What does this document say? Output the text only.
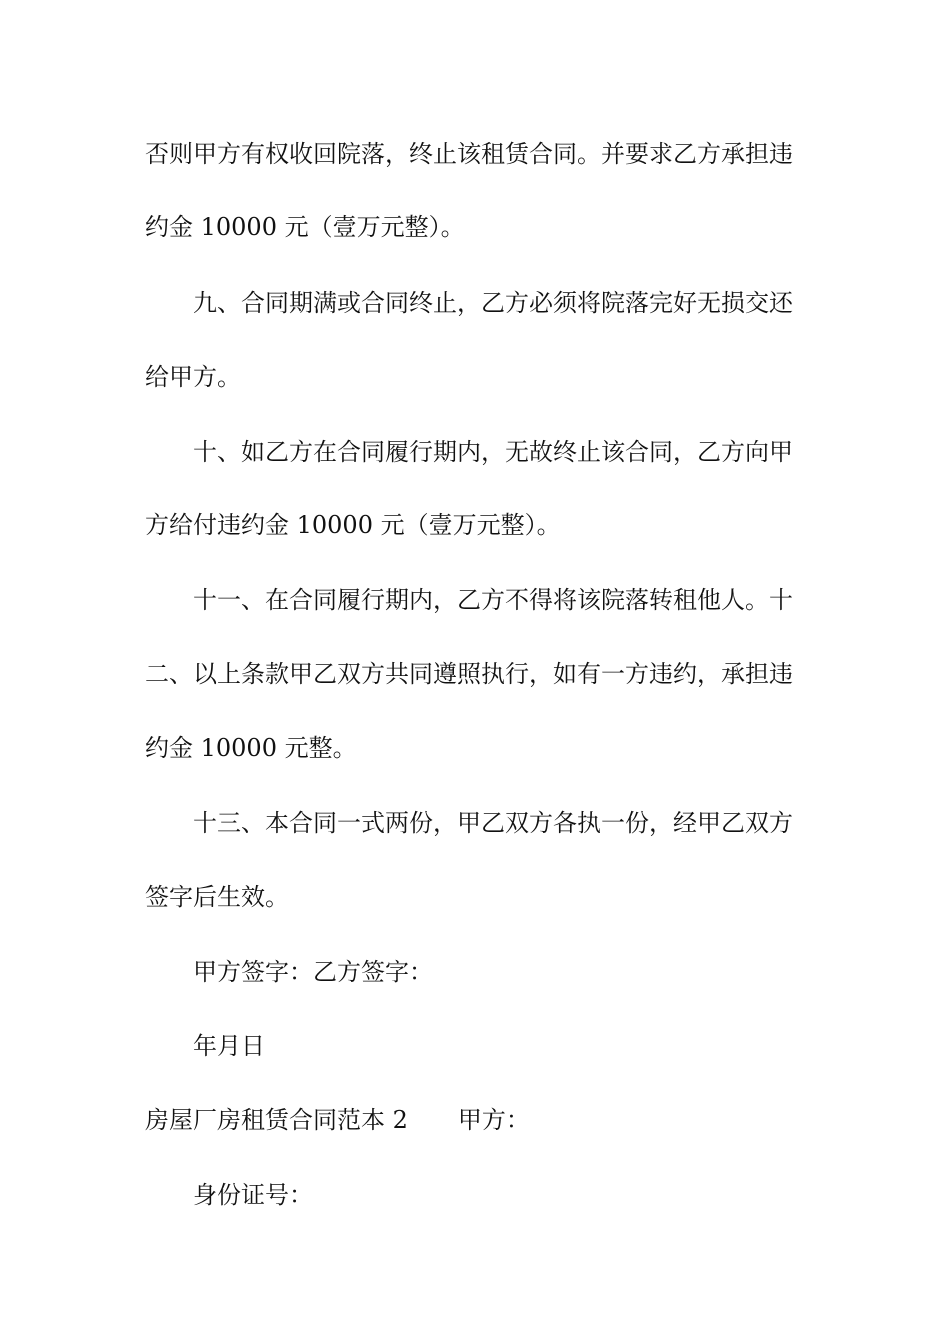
否则甲方有权收回院落，终止该租赁合同。并要求乙方承担违

约金 10000 元（壹万元整）。

九、合同期满或合同终止，乙方必须将院落完好无损交还

给甲方。

十、如乙方在合同履行期内，无故终止该合同，乙方向甲

方给付违约金 10000 元（壹万元整）。

十一、在合同履行期内，乙方不得将该院落转租他人。十

二、以上条款甲乙双方共同遵照执行，如有一方违约，承担违

约金 10000 元整。

十三、本合同一式两份，甲乙双方各执一份，经甲乙双方

签字后生效。

甲方签字：乙方签字：

年月日

房屋厂房租赁合同范本 2 甲方：

身份证号：
